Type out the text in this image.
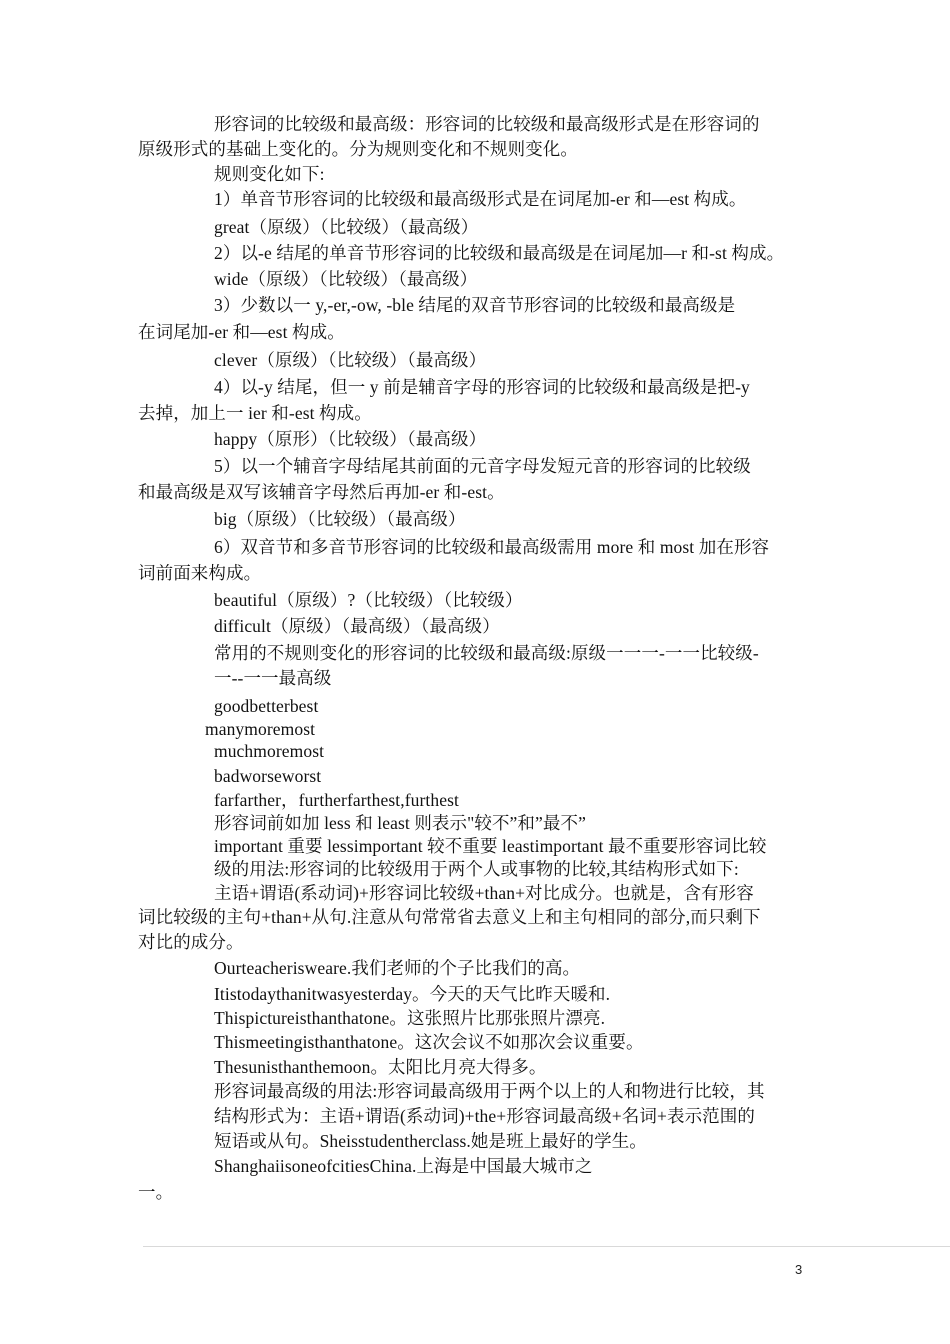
形容词的比较级和最高级：形容词的比较级和最高级形式是在形容词的
原级形式的基础上变化的。分为规则变化和不规则变化。
规则变化如下:
1）单音节形容词的比较级和最高级形式是在词尾加-er 和—est 构成。
great（原级）（比较级）（最高级）
2）以-e 结尾的单音节形容词的比较级和最高级是在词尾加—r 和-st 构成。
wide（原级）（比较级）（最高级）
3）少数以一 y,-er,-ow, -ble 结尾的双音节形容词的比较级和最高级是
在词尾加-er 和—est 构成。
clever（原级）（比较级）（最高级）
4）以-y 结尾，但一 y 前是辅音字母的形容词的比较级和最高级是把-y
去掉，加上一 ier 和-est 构成。
happy（原形）（比较级）（最高级）
5）以一个辅音字母结尾其前面的元音字母发短元音的形容词的比较级
和最高级是双写该辅音字母然后再加-er 和-est。
big（原级）（比较级）（最高级）
6）双音节和多音节形容词的比较级和最高级需用 more 和 most 加在形容
词前面来构成。
beautiful（原级）?（比较级）（比较级）
difficult（原级）（最高级）（最高级）
常用的不规则变化的形容词的比较级和最高级:原级一一一-一一比较级-
一--一一最高级
goodbetterbest
manymoremost
muchmoremost
badworseworst
farfarther，furtherfarthest,furthest
形容词前如加 less 和 least 则表示"较不”和”最不”
important 重要 lessimportant 较不重要 leastimportant 最不重要形容词比较
级的用法:形容词的比较级用于两个人或事物的比较,其结构形式如下:
主语+谓语(系动词)+形容词比较级+than+对比成分。也就是，含有形容
词比较级的主句+than+从句.注意从句常常省去意义上和主句相同的部分,而只剩下
对比的成分。
Ourteacherisweare.我们老师的个子比我们的高。
Itistodaythanitwasyesterday。今天的天气比昨天暖和.
Thispictureisthanthatone。这张照片比那张照片漂亮.
Thismeetingisthanthatone。这次会议不如那次会议重要。
Thesunisthanthemoon。太阳比月亮大得多。
形容词最高级的用法:形容词最高级用于两个以上的人和物进行比较，其
结构形式为：主语+谓语(系动词)+the+形容词最高级+名词+表示范围的
短语或从句。Sheisstudentherclass.她是班上最好的学生。
ShanghaiisoneofcitiesChina.上海是中国最大城市之
一。
3
